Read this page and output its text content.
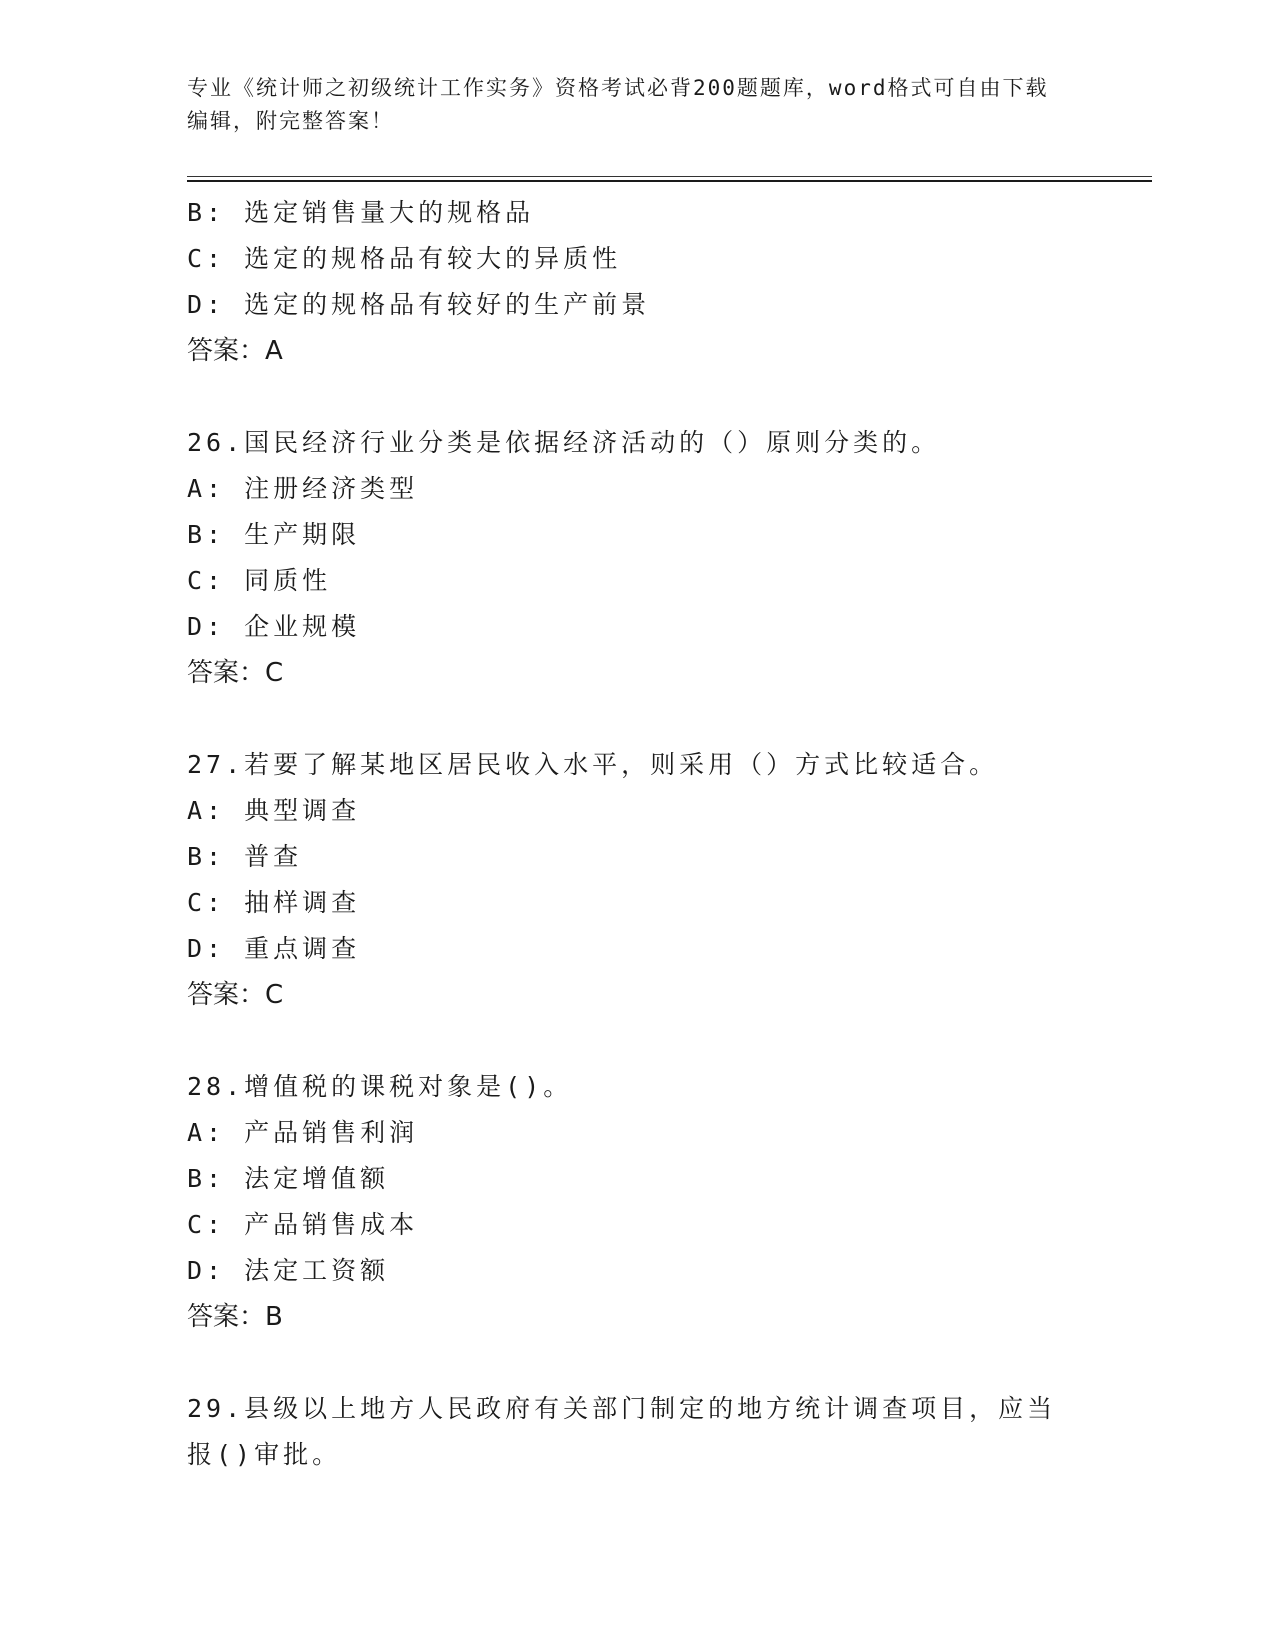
专业《统计师之初级统计工作实务》资格考试必背200题题库，word格式可自由下载编辑，附完整答案！
B: 选定销售量大的规格品
C: 选定的规格品有较大的异质性
D: 选定的规格品有较好的生产前景
答案：A
26.国民经济行业分类是依据经济活动的（）原则分类的。
A: 注册经济类型
B: 生产期限
C: 同质性
D: 企业规模
答案：C
27.若要了解某地区居民收入水平，则采用（）方式比较适合。
A: 典型调查
B: 普查
C: 抽样调查
D: 重点调查
答案：C
28.增值税的课税对象是()。
A: 产品销售利润
B: 法定增值额
C: 产品销售成本
D: 法定工资额
答案：B
29.县级以上地方人民政府有关部门制定的地方统计调查项目，应当报()审批。
